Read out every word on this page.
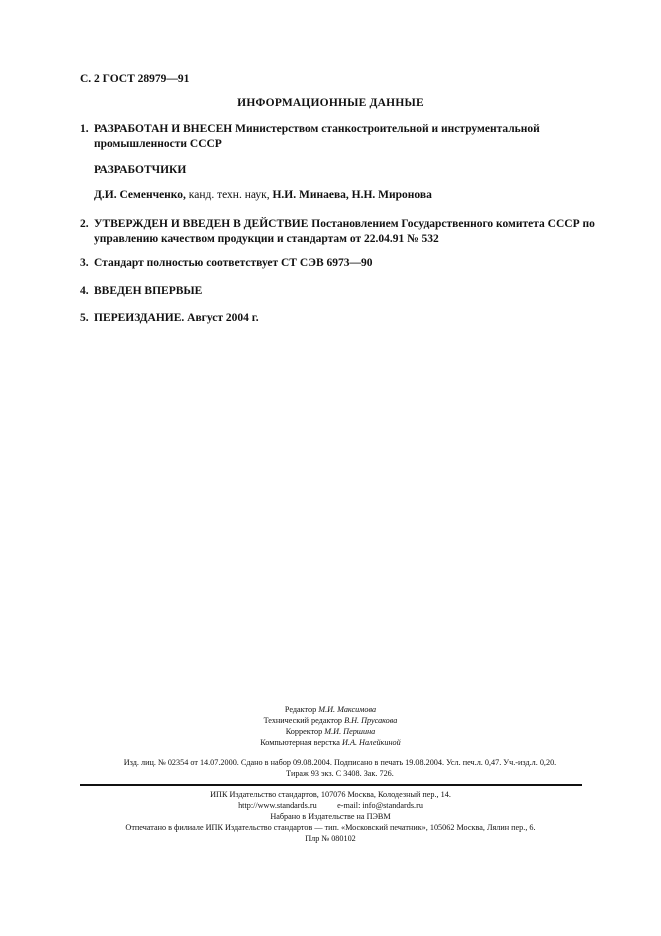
С. 2 ГОСТ 28979—91
ИНФОРМАЦИОННЫЕ ДАННЫЕ
1. РАЗРАБОТАН И ВНЕСЕН Министерством станкостроительной и инструментальной промышленности СССР
РАЗРАБОТЧИКИ
Д.И. Семенченко, канд. техн. наук, Н.И. Минаева, Н.Н. Миронова
2. УТВЕРЖДЕН И ВВЕДЕН В ДЕЙСТВИЕ Постановлением Государственного комитета СССР по управлению качеством продукции и стандартам от 22.04.91 № 532
3. Стандарт полностью соответствует СТ СЭВ 6973—90
4. ВВЕДЕН ВПЕРВЫЕ
5. ПЕРЕИЗДАНИЕ. Август 2004 г.
Редактор М.И. Максимова
Технический редактор В.Н. Прусакова
Корректор М.И. Першина
Компьютерная верстка И.А. Налейкиной
Изд. лиц. № 02354 от 14.07.2000. Сдано в набор 09.08.2004. Подписано в печать 19.08.2004. Усл. печ.л. 0,47. Уч.-изд.л. 0,20.
Тираж 93 экз. С 3408. Зак. 726.
ИПК Издательство стандартов, 107076 Москва, Колодезный пер., 14.
http://www.standards.ru e-mail: info@standards.ru
Набрано в Издательстве на ПЭВМ
Отпечатано в филиале ИПК Издательство стандартов — тип. «Московский печатник», 105062 Москва, Лялин пер., 6.
Плр № 080102
